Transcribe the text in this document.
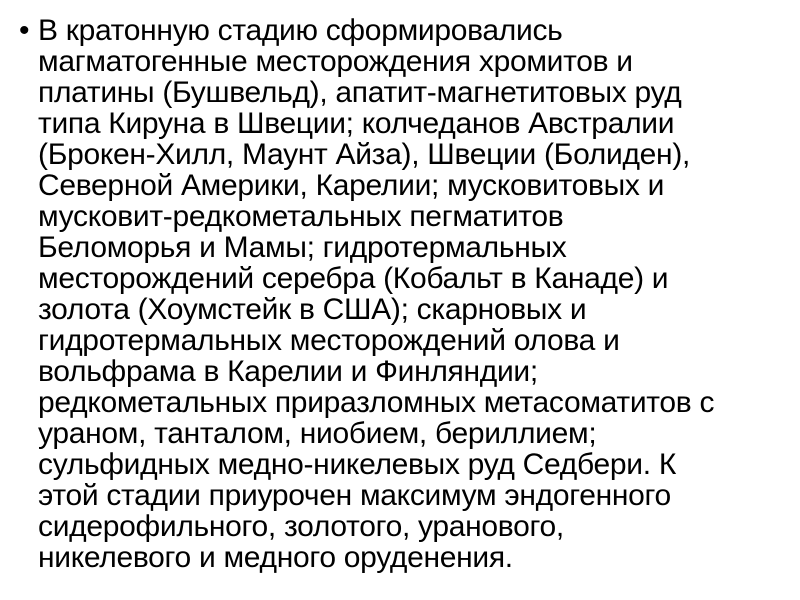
• В кратонную стадию сформировались
магматогенные месторождения хромитов и
платины (Бушвельд), апатит-магнетитовых руд
типа Кируна в Швеции; колчеданов Австралии
(Брокен-Хилл, Маунт Айза), Швеции (Болиден),
Северной Америки, Карелии; мусковитовых и
мусковит-редкометальных пегматитов
Беломорья и Мамы; гидротермальных
месторождений серебра (Кобальт в Канаде) и
золота (Хоумстейк в США); скарновых и
гидротермальных месторождений олова и
вольфрама в Карелии и Финляндии;
редкометальных приразломных метасоматитов с
ураном, танталом, ниобием, бериллием;
сульфидных медно-никелевых руд Седбери. К
этой стадии приурочен максимум эндогенного
сидерофильного, золотого, уранового,
никелевого и медного оруденения.
